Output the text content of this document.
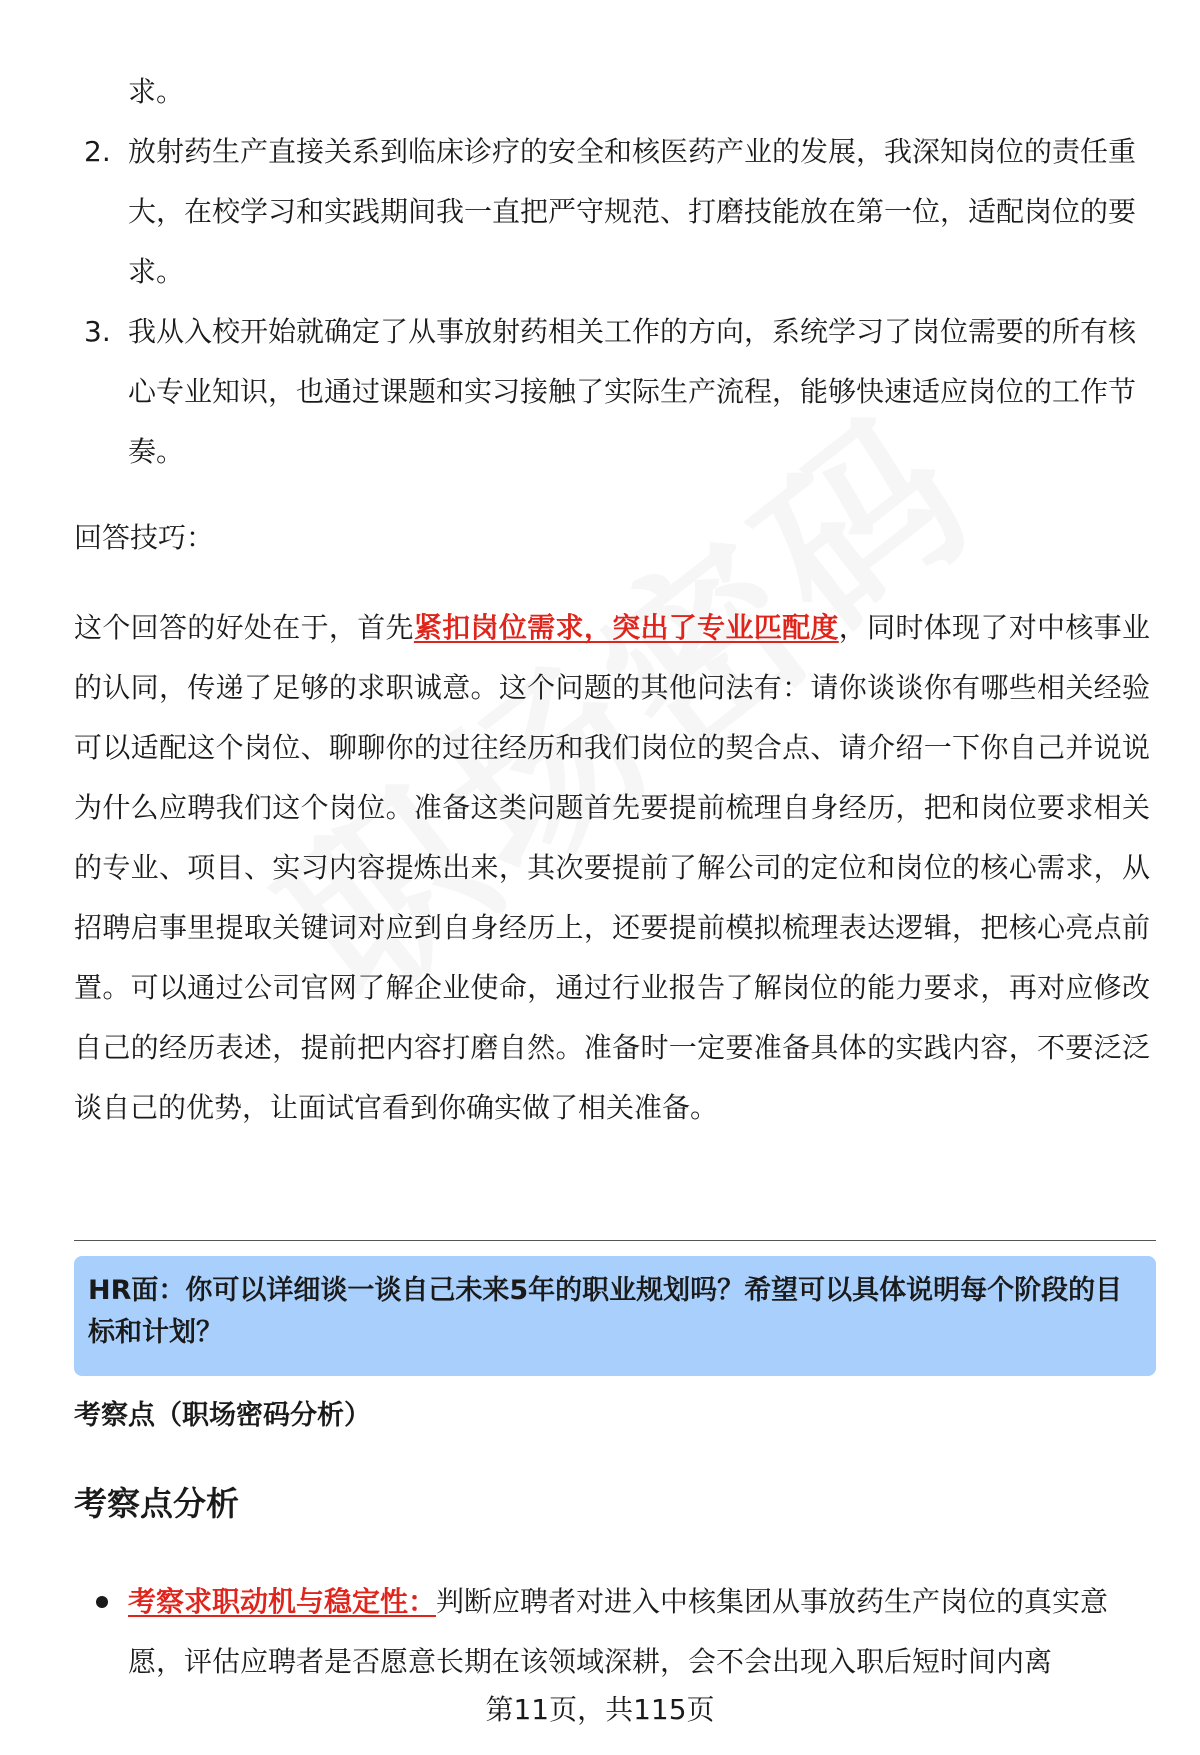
求。
2. 放射药生产直接关系到临床诊疗的安全和核医药产业的发展，我深知岗位的责任重大，在校学习和实践期间我一直把严守规范、打磨技能放在第一位，适配岗位的要求。
3. 我从入校开始就确定了从事放射药相关工作的方向，系统学习了岗位需要的所有核心专业知识，也通过课题和实习接触了实际生产流程，能够快速适应岗位的工作节奏。
回答技巧：
这个回答的好处在于，首先紧扣岗位需求，突出了专业匹配度，同时体现了对中核事业的认同，传递了足够的求职诚意。这个问题的其他问法有：请你谈谈你有哪些相关经验可以适配这个岗位、聊聊你的过往经历和我们岗位的契合点、请介绍一下你自己并说说为什么应聘我们这个岗位。准备这类问题首先要提前梳理自身经历，把和岗位要求相关的专业、项目、实习内容提炼出来，其次要提前了解公司的定位和岗位的核心需求，从招聘启事里提取关键词对应到自身经历上，还要提前模拟梳理表达逻辑，把核心亮点前置。可以通过公司官网了解企业使命，通过行业报告了解岗位的能力要求，再对应修改自己的经历表述，提前把内容打磨自然。准备时一定要准备具体的实践内容，不要泛泛谈自己的优势，让面试官看到你确实做了相关准备。
HR面：你可以详细谈一谈自己未来5年的职业规划吗？希望可以具体说明每个阶段的目标和计划？
考察点（职场密码分析）
考察点分析
考察求职动机与稳定性：判断应聘者对进入中核集团从事放药生产岗位的真实意愿，评估应聘者是否愿意长期在该领域深耕，会不会出现入职后短时间内离
第11页，共115页
